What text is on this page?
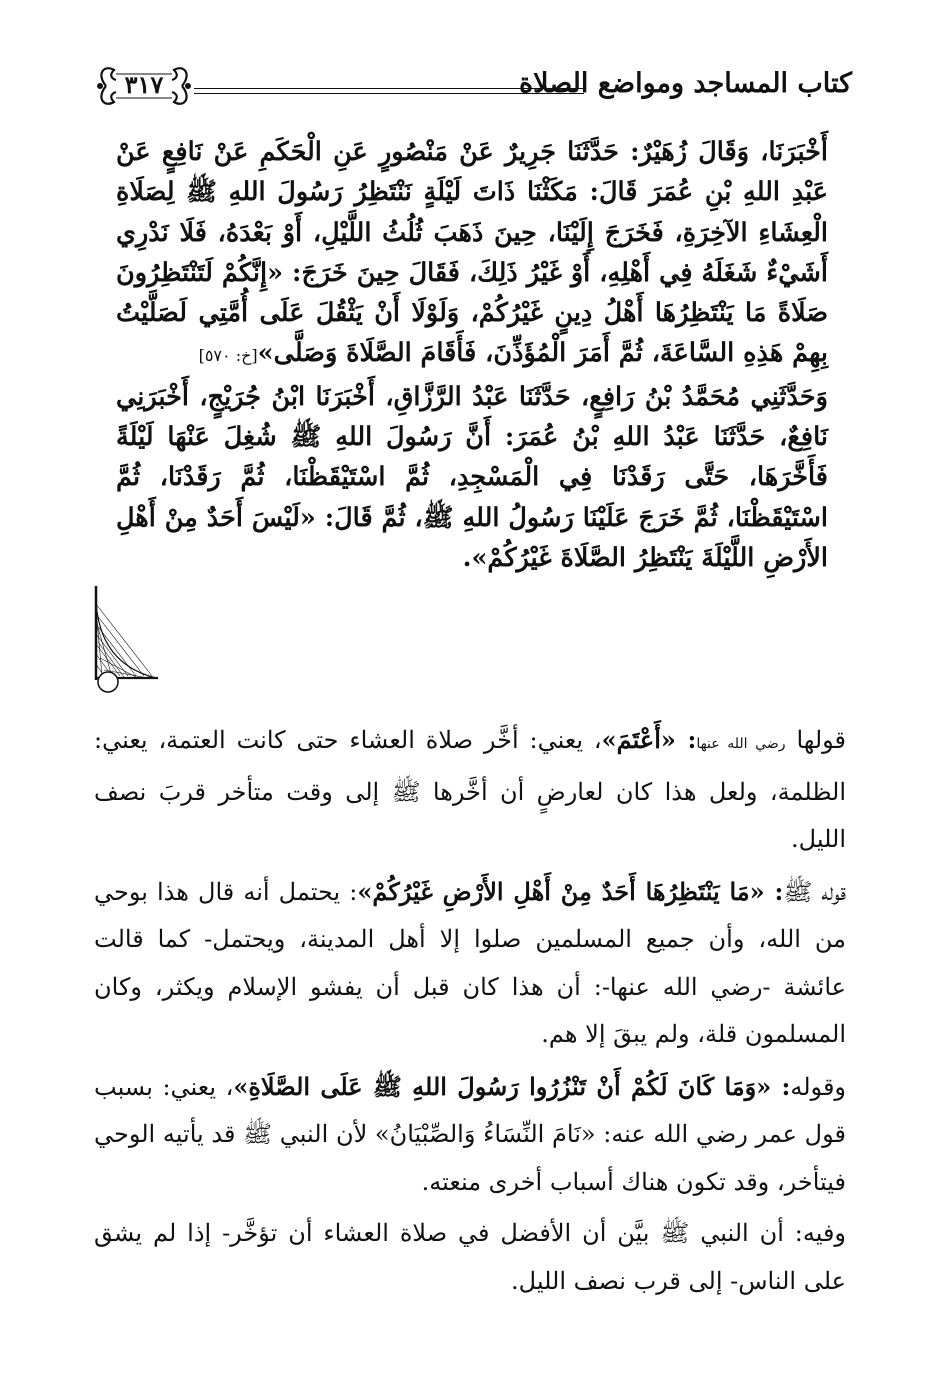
كتاب المساجد ومواضع الصلاة
٣١٧

أَخْبَرَنَا، وَقَالَ زُهَيْرٌ: حَدَّثَنَا جَرِيرٌ عَنْ مَنْصُورٍ عَنِ الْحَكَمِ عَنْ نَافِعٍ عَنْ عَبْدِ اللهِ بْنِ عُمَرَ قَالَ: مَكَثْنَا ذَاتَ لَيْلَةٍ نَنْتَظِرُ رَسُولَ اللهِ ﷺ لِصَلَاةِ الْعِشَاءِ الآخِرَةِ، فَخَرَجَ إِلَيْنَا، حِينَ ذَهَبَ ثُلُثُ اللَّيْلِ، أَوْ بَعْدَهُ، فَلَا نَدْرِي أَشَيْءٌ شَغَلَهُ فِي أَهْلِهِ، أَوْ غَيْرُ ذَلِكَ، فَقَالَ حِينَ خَرَجَ: «إِنَّكُمْ لَتَنْتَظِرُونَ صَلَاةً مَا يَنْتَظِرُهَا أَهْلُ دِينٍ غَيْرُكُمْ، وَلَوْلَا أَنْ يَثْقُلَ عَلَى أُمَّتِي لَصَلَّيْتُ بِهِمْ هَذِهِ السَّاعَةَ، ثُمَّ أَمَرَ الْمُؤَذِّنَ، فَأَقَامَ الصَّلَاةَ وَصَلَّى»[خ: ٥٧٠]

وَحَدَّثَنِي مُحَمَّدُ بْنُ رَافِعٍ، حَدَّثَنَا عَبْدُ الرَّزَّاقِ، أَخْبَرَنَا ابْنُ جُرَيْجٍ، أَخْبَرَنِي نَافِعٌ، حَدَّثَنَا عَبْدُ اللهِ بْنُ عُمَرَ: أَنَّ رَسُولَ اللهِ ﷺ شُغِلَ عَنْهَا لَيْلَةً فَأَخَّرَهَا، حَتَّى رَقَدْنَا فِي الْمَسْجِدِ، ثُمَّ اسْتَيْقَظْنَا، ثُمَّ رَقَدْنَا، ثُمَّ اسْتَيْقَظْنَا، ثُمَّ خَرَجَ عَلَيْنَا رَسُولُ اللهِ ﷺ، ثُمَّ قَالَ: «لَيْسَ أَحَدٌ مِنْ أَهْلِ الأَرْضِ اللَّيْلَةَ يَنْتَظِرُ الصَّلَاةَ غَيْرُكُمْ».

قولها رضي الله عنها: «أَعْتَمَ»، يعني: أخَّر صلاة العشاء حتى كانت العتمة، يعني: الظلمة، ولعل هذا كان لعارضٍ أن أخَّرها ﷺ إلى وقت متأخر قربَ نصف الليل.

قوله ﷺ: «مَا يَنْتَظِرُهَا أَحَدٌ مِنْ أَهْلِ الأَرْضِ غَيْرُكُمْ»: يحتمل أنه قال هذا بوحي من الله، وأن جميع المسلمين صلوا إلا أهل المدينة، ويحتمل- كما قالت عائشة -رضي الله عنها-: أن هذا كان قبل أن يفشو الإسلام ويكثر، وكان المسلمون قلة، ولم يبقَ إلا هم.

وقوله: «وَمَا كَانَ لَكُمْ أَنْ تَنْزُرُوا رَسُولَ اللهِ ﷺ عَلَى الصَّلَاةِ»، يعني: بسبب قول عمر رضي الله عنه: «نَامَ النِّسَاءُ وَالصِّبْيَانُ» لأن النبي ﷺ قد يأتيه الوحي فيتأخر، وقد تكون هناك أسباب أخرى منعته.

وفيه: أن النبي ﷺ بيَّن أن الأفضل في صلاة العشاء أن تؤخَّر- إذا لم يشق على الناس- إلى قرب نصف الليل.
